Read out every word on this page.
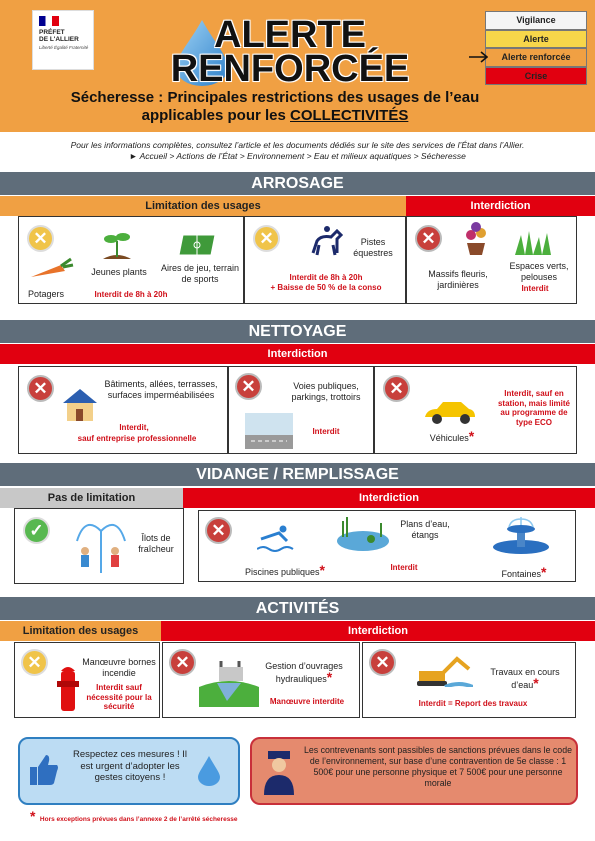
PRÉFET
DE L'ALLIER
Liberté Égalité Fraternité	ALERTE
RENFORCÉE
Sécheresse : Principales restrictions des usages de l’eau
applicables pour les COLLECTIVITÉS
Vigilance
Alerte
Alerte renforcée
Crise
Pour les informations complètes, consultez l’article et les documents dédiés sur le site des services de l’État dans l’Allier.
► Accueil > Actions de l’État > Environnement > Eau et milieux aquatiques > Sécheresse
ARROSAGE
Limitation des usages	Interdiction
✕
Potagers
Jeunes plants	Aires de jeu, terrain de sports
Interdit de 8h à 20h
✕	Pistes équestres
Interdit de 8h à 20h
+ Baisse de 50 % de la conso
✕
Massifs fleuris, jardinières
Espaces verts, pelouses
Interdit
NETTOYAGE
Interdiction
✕	Bâtiments, allées, terrasses, surfaces imperméabilisées
Interdit,
sauf entreprise professionnelle
✕	Voies publiques, parkings, trottoirs
Interdit
✕
Véhicules*
Interdit, sauf en station, mais limité au programme de type ECO
VIDANGE / REMPLISSAGE
Pas de limitation	Interdiction
✓	Îlots de fraîcheur
✕
Piscines publiques*
Plans d’eau, étangs
Interdit
Fontaines*
ACTIVITÉS
Limitation des usages	Interdiction
✕	Manœuvre bornes incendie
Interdit sauf nécessité pour la sécurité
✕	Gestion d’ouvrages hydrauliques*
Manœuvre interdite
✕	Travaux en cours d’eau*
Interdit = Report des travaux
Respectez ces mesures ! Il est urgent d’adopter les gestes citoyens !
Les contrevenants sont passibles de sanctions prévues dans le code de l’environnement, sur base d’une contravention de 5e classe : 1 500€ pour une personne physique et 7 500€ pour une personne morale
* Hors exceptions prévues dans l’annexe 2 de l’arrêté sécheresse
